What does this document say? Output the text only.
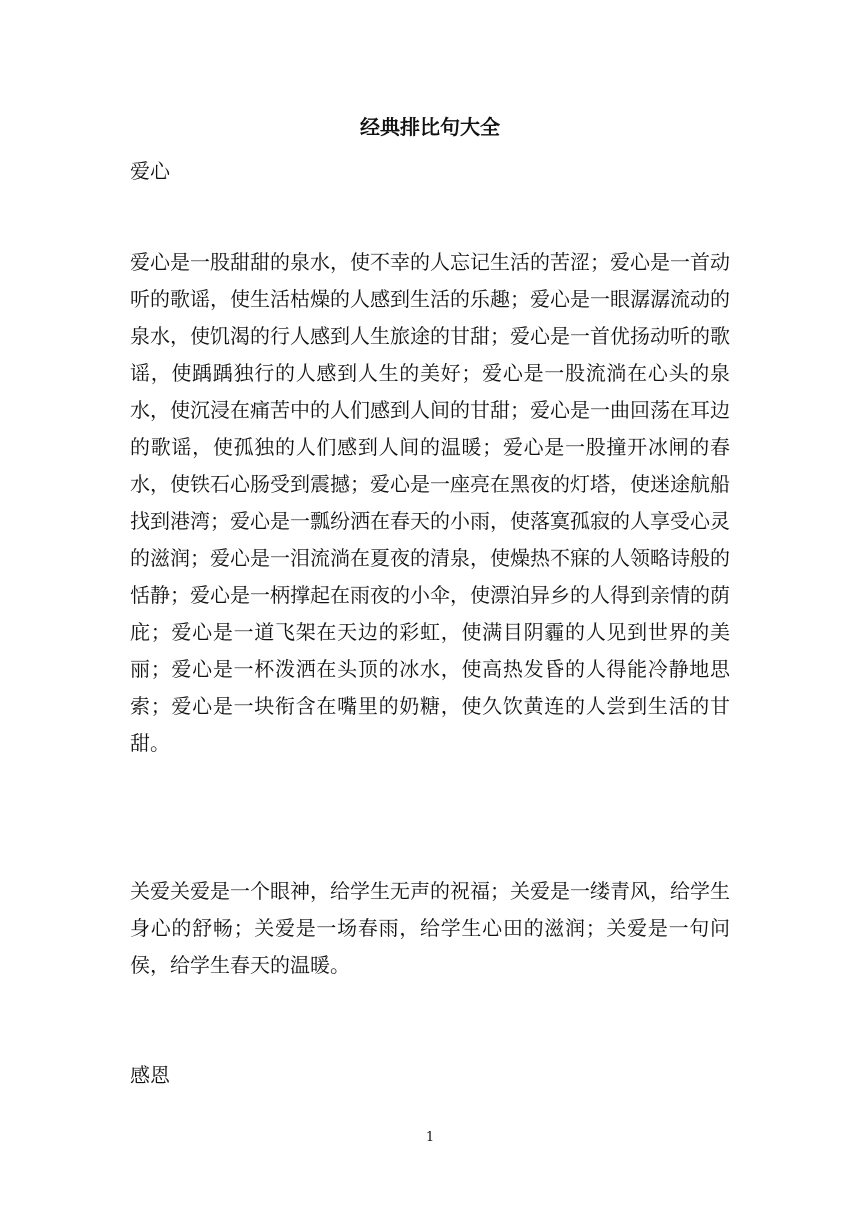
经典排比句大全
爱心

爱心是一股甜甜的泉水，使不幸的人忘记生活的苦涩；爱心是一首动听的歌谣，使生活枯燥的人感到生活的乐趣；爱心是一眼潺潺流动的泉水，使饥渴的行人感到人生旅途的甘甜；爱心是一首优扬动听的歌谣，使踽踽独行的人感到人生的美好；爱心是一股流淌在心头的泉水，使沉浸在痛苦中的人们感到人间的甘甜；爱心是一曲回荡在耳边的歌谣，使孤独的人们感到人间的温暖；爱心是一股撞开冰闸的春水，使铁石心肠受到震撼；爱心是一座亮在黑夜的灯塔，使迷途航船找到港湾；爱心是一瓢纷洒在春天的小雨，使落寞孤寂的人享受心灵的滋润；爱心是一泪流淌在夏夜的清泉，使燥热不寐的人领略诗般的恬静；爱心是一柄撑起在雨夜的小伞，使漂泊异乡的人得到亲情的荫庇；爱心是一道飞架在天边的彩虹，使满目阴霾的人见到世界的美丽；爱心是一杯泼洒在头顶的冰水，使高热发昏的人得能冷静地思索；爱心是一块衔含在嘴里的奶糖，使久饮黄连的人尝到生活的甘甜。

关爱关爱是一个眼神，给学生无声的祝福；关爱是一缕青风，给学生身心的舒畅；关爱是一场春雨，给学生心田的滋润；关爱是一句问侯，给学生春天的温暖。

感恩
1
